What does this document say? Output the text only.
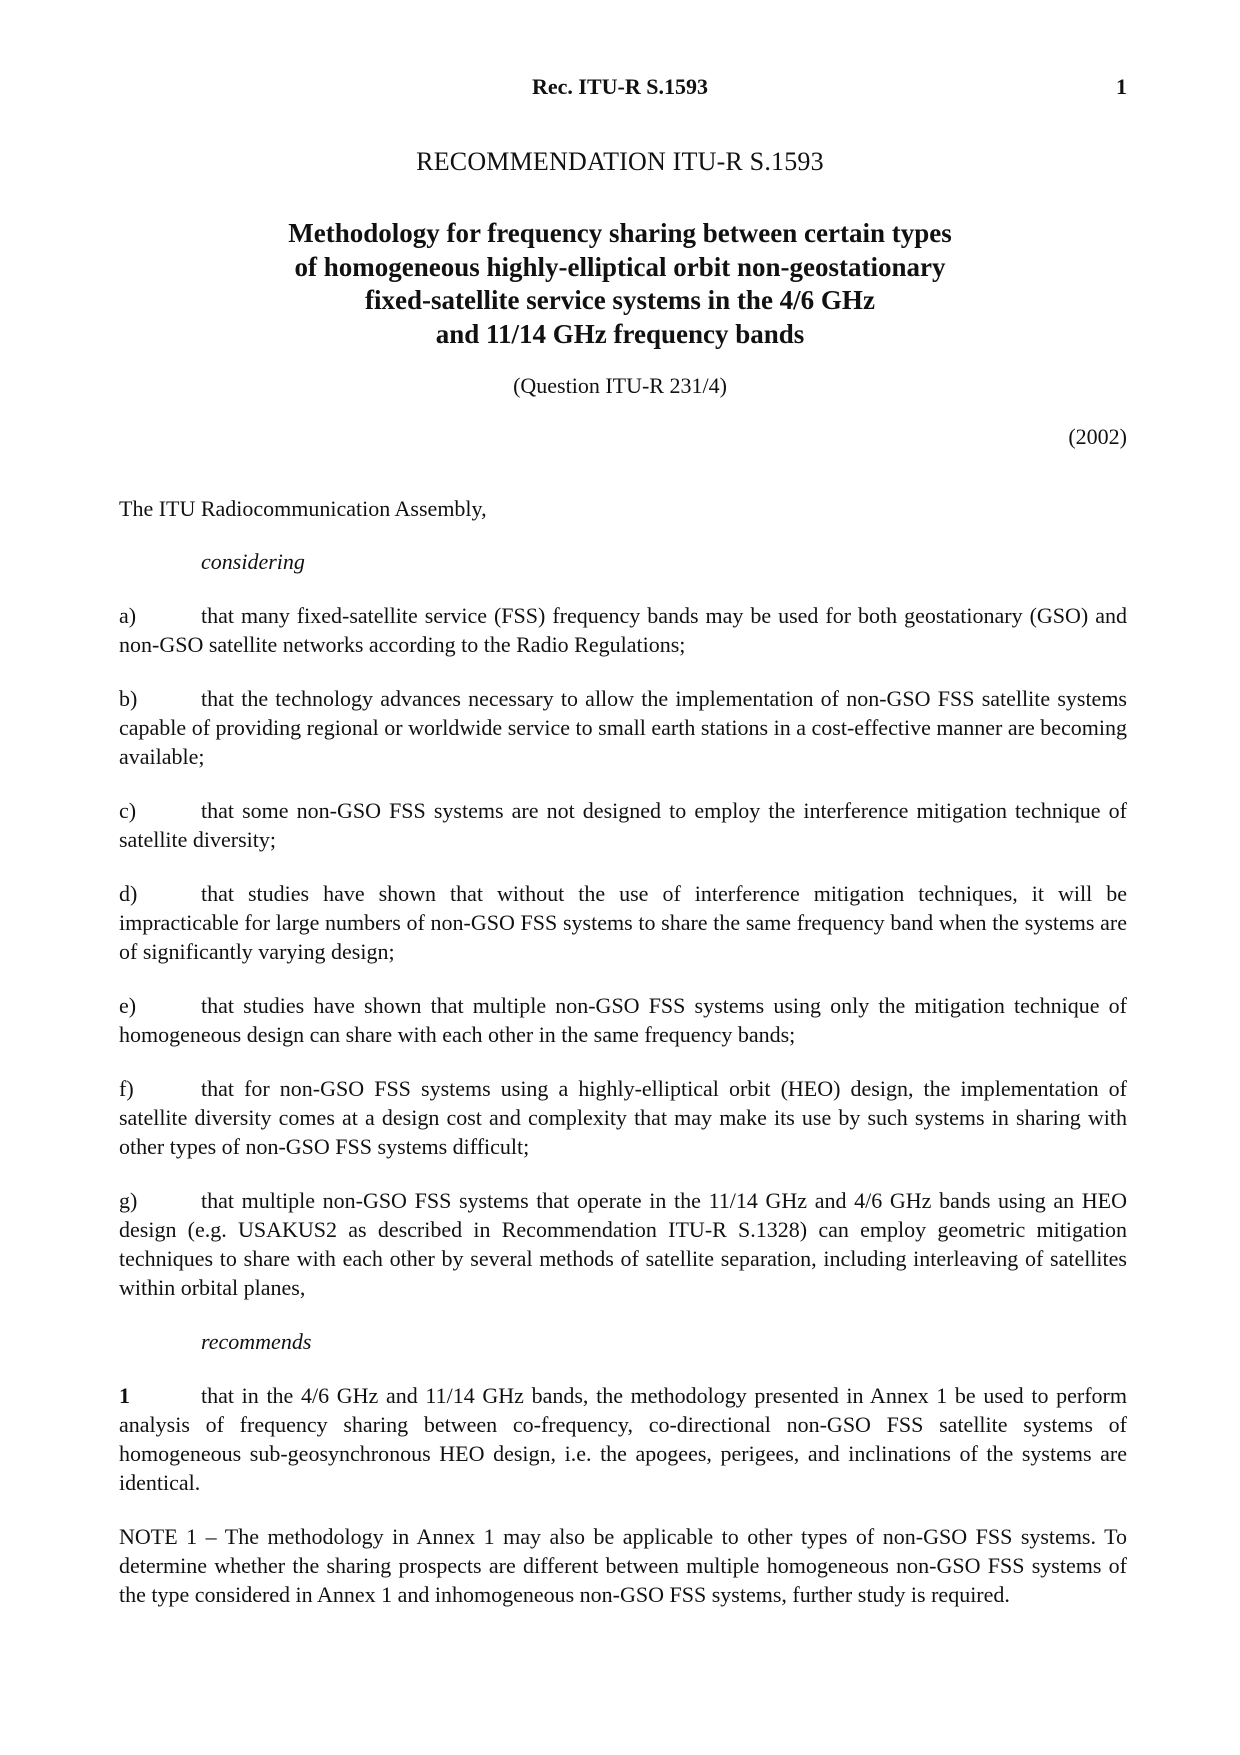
Rec. ITU-R S.1593	1
RECOMMENDATION ITU-R S.1593
Methodology for frequency sharing between certain types
of homogeneous highly-elliptical orbit non-geostationary
fixed-satellite service systems in the 4/6 GHz
and 11/14 GHz frequency bands
(Question ITU-R 231/4)
(2002)

The ITU Radiocommunication Assembly,

considering

a)	that many fixed-satellite service (FSS) frequency bands may be used for both geostationary (GSO) and non-GSO satellite networks according to the Radio Regulations;

b)	that the technology advances necessary to allow the implementation of non-GSO FSS satellite systems capable of providing regional or worldwide service to small earth stations in a cost-effective manner are becoming available;

c)	that some non-GSO FSS systems are not designed to employ the interference mitigation technique of satellite diversity;

d)	that studies have shown that without the use of interference mitigation techniques, it will be impracticable for large numbers of non-GSO FSS systems to share the same frequency band when the systems are of significantly varying design;

e)	that studies have shown that multiple non-GSO FSS systems using only the mitigation technique of homogeneous design can share with each other in the same frequency bands;

f)	that for non-GSO FSS systems using a highly-elliptical orbit (HEO) design, the implementation of satellite diversity comes at a design cost and complexity that may make its use by such systems in sharing with other types of non-GSO FSS systems difficult;

g)	that multiple non-GSO FSS systems that operate in the 11/14 GHz and 4/6 GHz bands using an HEO design (e.g. USAKUS2 as described in Recommendation ITU-R S.1328) can employ geometric mitigation techniques to share with each other by several methods of satellite separation, including interleaving of satellites within orbital planes,

recommends

1	that in the 4/6 GHz and 11/14 GHz bands, the methodology presented in Annex 1 be used to perform analysis of frequency sharing between co-frequency, co-directional non-GSO FSS satellite systems of homogeneous sub-geosynchronous HEO design, i.e. the apogees, perigees, and inclinations of the systems are identical.

NOTE 1 – The methodology in Annex 1 may also be applicable to other types of non-GSO FSS systems. To determine whether the sharing prospects are different between multiple homogeneous non-GSO FSS systems of the type considered in Annex 1 and inhomogeneous non-GSO FSS systems, further study is required.
